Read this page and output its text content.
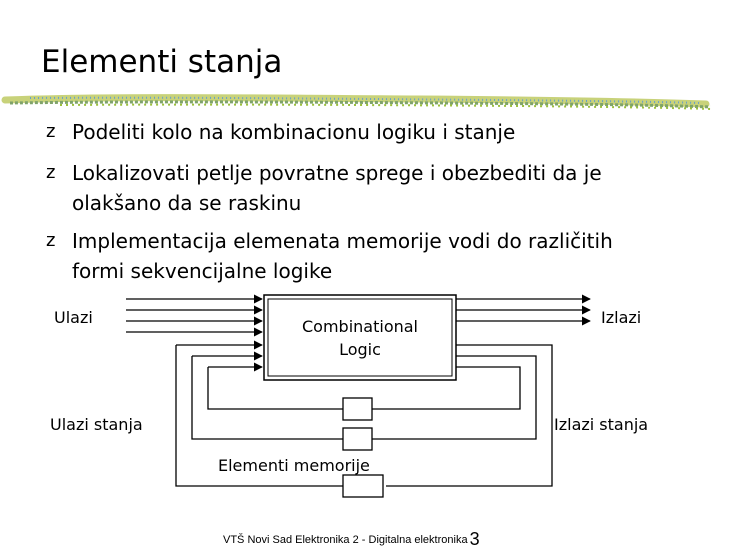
Elementi stanja
z Podeliti kolo na kombinacionu logiku i stanje
z Lokalizovati petlje povratne sprege i obezbediti da je
olakšano da se raskinu
z Implementacija elemenata memorije vodi do različitih
formi sekvencijalne logike
Ulazi	Izlazi
Combinational
Logic
Ulazi stanja	Izlazi stanja
Elementi memorije
VTŠ Novi Sad Elektronika 2 - Digitalna elektronika 3
